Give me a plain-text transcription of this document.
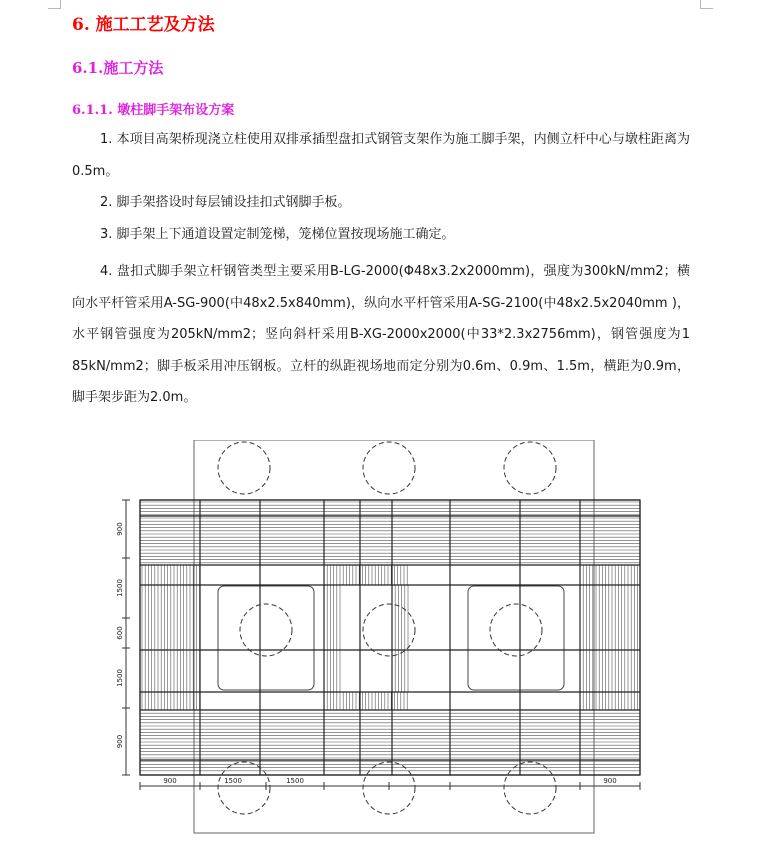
6. 施工工艺及方法
6.1.施工方法
6.1.1. 墩柱脚手架布设方案

1. 本项目高架桥现浇立柱使用双排承插型盘扣式钢管支架作为施工脚手架，内侧立杆中心与墩柱距离为 0.5m。

2. 脚手架搭设时每层铺设挂扣式钢脚手板。

3. 脚手架上下通道设置定制笼梯，笼梯位置按现场施工确定。

4. 盘扣式脚手架立杆钢管类型主要采用B-LG-2000(Φ48x3.2x2000mm)，强度为300kN/mm2；横向水平杆管采用A-SG-900(中48x2.5x840mm)，纵向水平杆管采用A-SG-2100(中48x2.5x2040mm )，水平钢管强度为205kN/mm2；竖向斜杆采用B-XG-2000x2000(中33*2.3x2756mm)，钢管强度为1 85kN/mm2；脚手板采用冲压钢板。立杆的纵距视场地而定分别为0.6m、0.9m、1.5m，横距为0.9m，脚手架步距为2.0m。

900
1500
600
1500
900
900	1500	1500	900
